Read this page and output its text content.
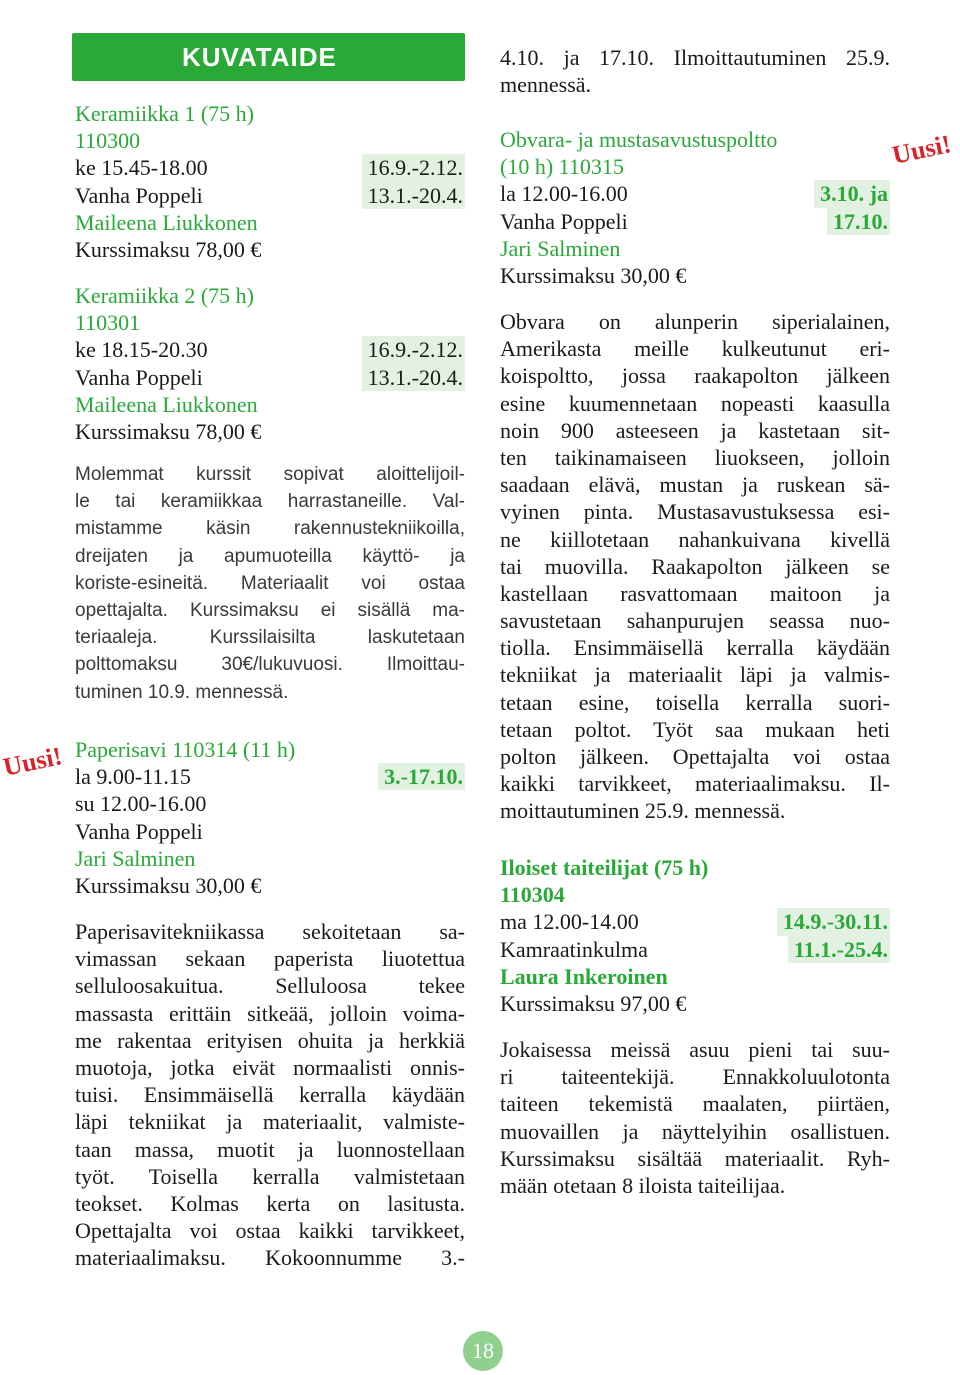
KUVATAIDE
Keramiikka 1 (75 h)
110300
ke 15.45-18.00	16.9.-2.12.
Vanha Poppeli	13.1.-20.4.
Maileena Liukkonen
Kurssimaksu 78,00 €
Keramiikka 2 (75 h)
110301
ke 18.15-20.30	16.9.-2.12.
Vanha Poppeli	13.1.-20.4.
Maileena Liukkonen
Kurssimaksu 78,00 €
Molemmat kurssit sopivat aloittelijoil-
le tai keramiikkaa harrastaneille. Val-
mistamme käsin rakennustekniikoilla,
dreijaten ja apumuoteilla käyttö- ja
koriste-esineitä. Materiaalit voi ostaa
opettajalta. Kurssimaksu ei sisällä ma-
teriaaleja. Kurssilaisilta laskutetaan
polttomaksu 30€/lukuvuosi. Ilmoittau-
tuminen 10.9. mennessä.
Paperisavi 110314 (11 h)
la 9.00-11.15	3.-17.10.
su 12.00-16.00
Vanha Poppeli
Jari Salminen
Kurssimaksu 30,00 €
Paperisavitekniikassa sekoitetaan sa-
vimassan sekaan paperista liuotettua
selluloosakuitua. Selluloosa tekee
massasta erittäin sitkeää, jolloin voima-
me rakentaa erityisen ohuita ja herkkiä
muotoja, jotka eivät normaalisti onnis-
tuisi. Ensimmäisellä kerralla käydään
läpi tekniikat ja materiaalit, valmiste-
taan massa, muotit ja luonnostellaan
työt. Toisella kerralla valmistetaan
teokset. Kolmas kerta on lasitusta.
Opettajalta voi ostaa kaikki tarvikkeet,
materiaalimaksu. Kokoonnumme 3.-
Uusi!
4.10. ja 17.10. Ilmoittautuminen 25.9.
mennessä.
Obvara- ja mustasavustuspoltto
(10 h) 110315
la 12.00-16.00	3.10. ja
Vanha Poppeli	17.10.
Jari Salminen
Kurssimaksu 30,00 €
Obvara on alunperin siperialainen,
Amerikasta meille kulkeutunut eri-
koispoltto, jossa raakapolton jälkeen
esine kuumennetaan nopeasti kaasulla
noin 900 asteeseen ja kastetaan sit-
ten taikinamaiseen liuokseen, jolloin
saadaan elävä, mustan ja ruskean sä-
vyinen pinta. Mustasavustuksessa esi-
ne kiillotetaan nahankuivana kivellä
tai muovilla. Raakapolton jälkeen se
kastellaan rasvattomaan maitoon ja
savustetaan sahanpurujen seassa nuo-
tiolla. Ensimmäisellä kerralla käydään
tekniikat ja materiaalit läpi ja valmis-
tetaan esine, toisella kerralla suori-
tetaan poltot. Työt saa mukaan heti
polton jälkeen. Opettajalta voi ostaa
kaikki tarvikkeet, materiaalimaksu. Il-
moittautuminen 25.9. mennessä.
Iloiset taiteilijat (75 h)
110304
ma 12.00-14.00	14.9.-30.11.
Kamraatinkulma	11.1.-25.4.
Laura Inkeroinen
Kurssimaksu 97,00 €
Jokaisessa meissä asuu pieni tai suu-
ri taiteentekijä. Ennakkoluulotonta
taiteen tekemistä maalaten, piirtäen,
muovaillen ja näyttelyihin osallistuen.
Kurssimaksu sisältää materiaalit. Ryh-
mään otetaan 8 iloista taiteilijaa.
Uusi!
18
